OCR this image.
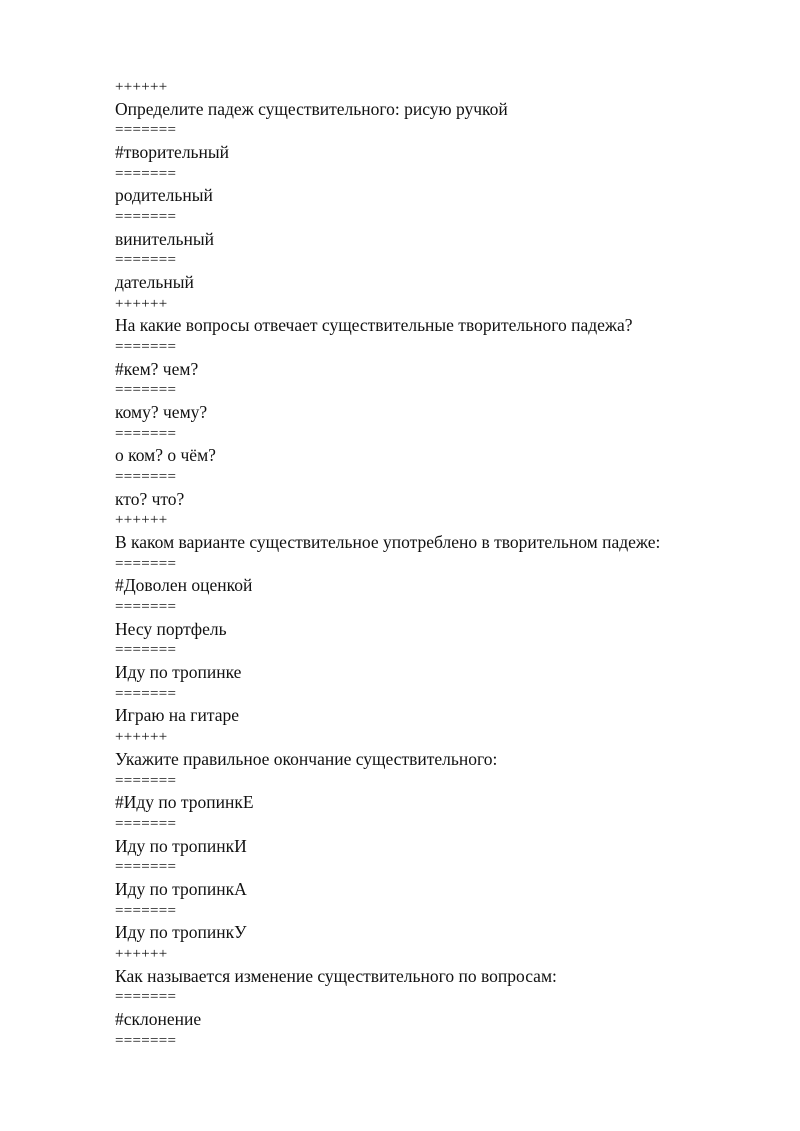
++++++
Определите падеж существительного: рисую ручкой
=======
#творительный
=======
родительный
=======
винительный
=======
дательный
++++++
На какие вопросы отвечает существительные творительного падежа?
=======
#кем? чем?
=======
кому? чему?
=======
о ком? о чём?
=======
кто? что?
++++++
В каком варианте существительное употреблено в творительном падеже:
=======
#Доволен оценкой
=======
Несу портфель
=======
Иду по тропинке
=======
Играю на гитаре
++++++
Укажите правильное окончание существительного:
=======
#Иду по тропинкЕ
=======
Иду по тропинкИ
=======
Иду по тропинкА
=======
Иду по тропинкУ
++++++
Как называется изменение существительного по вопросам:
=======
#склонение
=======
